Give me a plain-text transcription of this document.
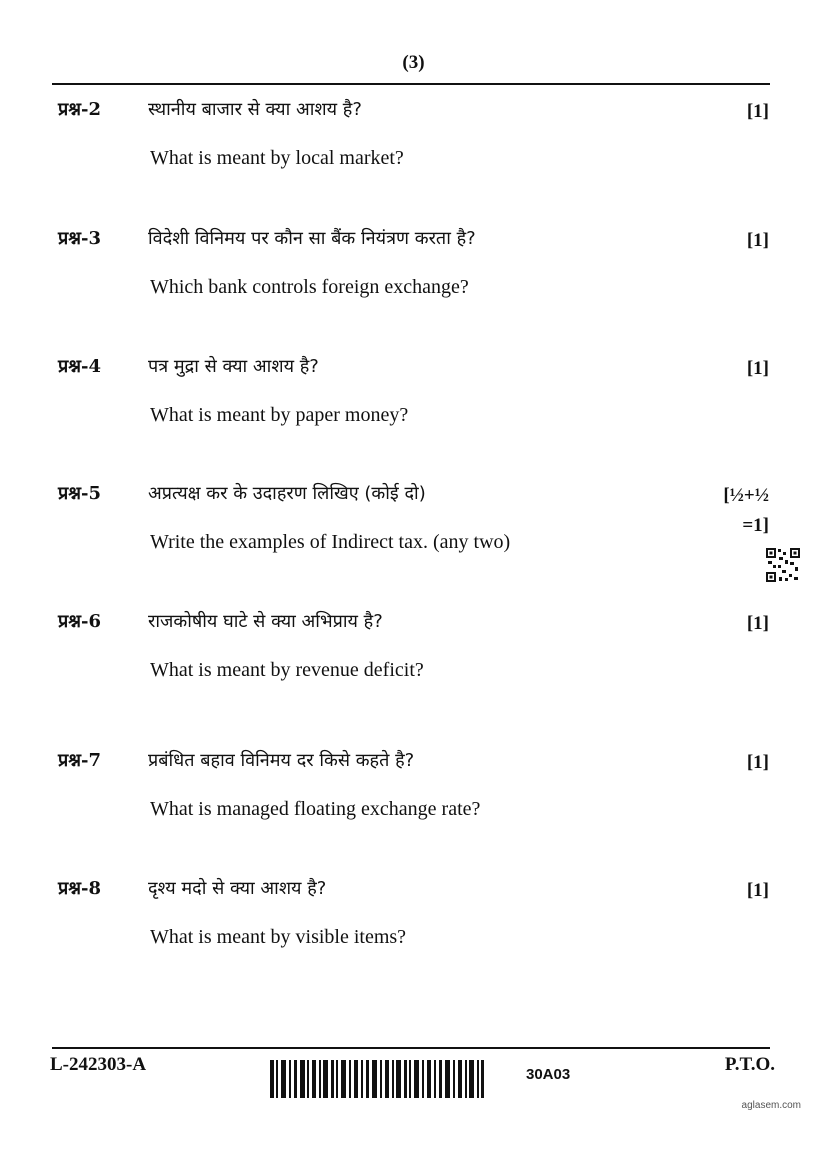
(3)
प्रश्न-2	स्थानीय बाजार से क्या आशय है?
What is meant by local market?
[1]
प्रश्न-3	विदेशी विनिमय पर कौन सा बैंक नियंत्रण करता है?
Which bank controls foreign exchange?
[1]
प्रश्न-4	पत्र मुद्रा से क्या आशय है?
What is meant by paper money?
[1]
प्रश्न-5	अप्रत्यक्ष कर के उदाहरण लिखिए (कोई दो)
Write the examples of Indirect tax. (any two)
[½+½
=1]
प्रश्न-6	राजकोषीय घाटे से क्या अभिप्राय है?
What is meant by revenue deficit?
[1]
प्रश्न-7	प्रबंधित बहाव विनिमय दर किसे कहते है?
What is managed floating exchange rate?
[1]
प्रश्न-8	दृश्य मदो से क्या आशय है?
What is meant by visible items?
[1]
L-242303-A	30A03	P.T.O.
aglasem.com
